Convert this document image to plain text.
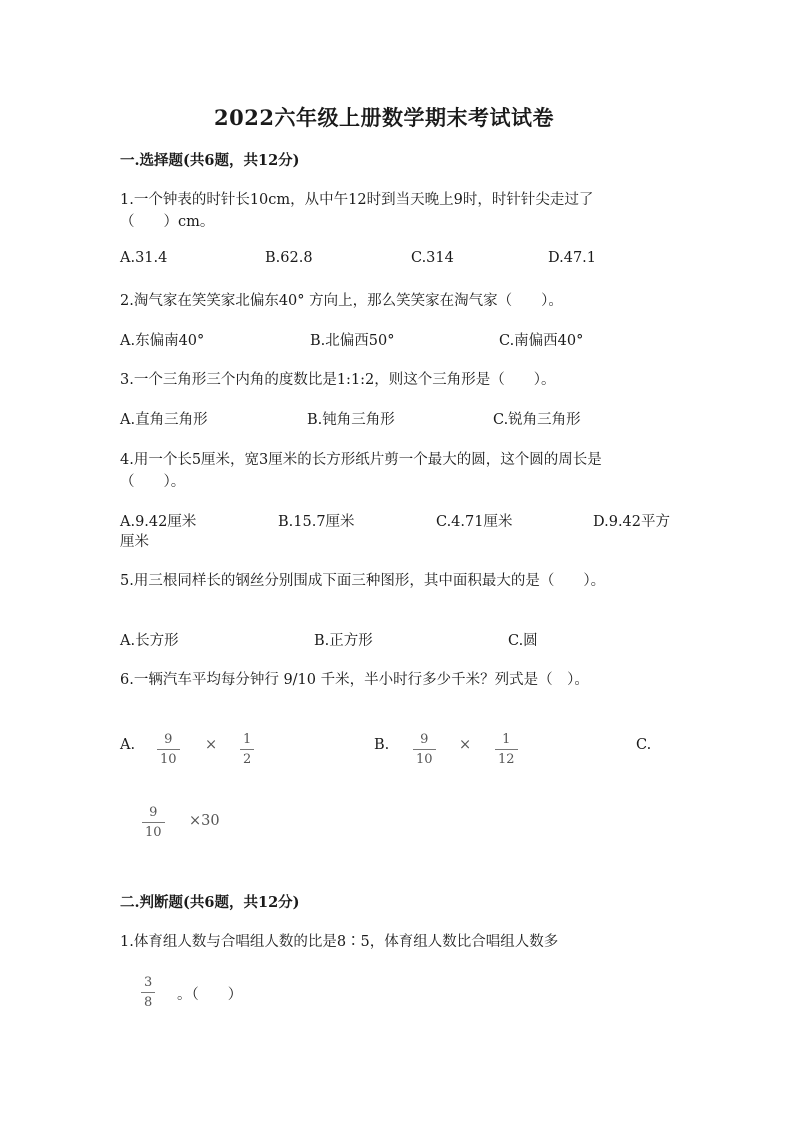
2022六年级上册数学期末考试试卷
一.选择题(共6题，共12分)
1.一个钟表的时针长10cm，从中午12时到当天晚上9时，时针针尖走过了
（　　）cm。
A.31.4	B.62.8	C.314	D.47.1
2.淘气家在笑笑家北偏东40° 方向上，那么笑笑家在淘气家（　　）。
A.东偏南40°	B.北偏西50°	C.南偏西40°
3.一个三角形三个内角的度数比是1:1:2，则这个三角形是（　　）。
A.直角三角形	B.钝角三角形	C.锐角三角形
4.用一个长5厘米，宽3厘米的长方形纸片剪一个最大的圆，这个圆的周长是
（　　）。
A.9.42厘米	B.15.7厘米	C.4.71厘米	D.9.42平方
厘米
5.用三根同样长的钢丝分别围成下面三种图形，其中面积最大的是（　　）。
A.长方形	B.正方形	C.圆
6.一辆汽车平均每分钟行 9/10 千米，半小时行多少千米？列式是（　）。
A. 9
10
× 1
2
B. 9
10
× 1
12
C.
9
10
×30
二.判断题(共6题，共12分)
1.体育组人数与合唱组人数的比是8∶5，体育组人数比合唱组人数多
3
8 。（　　）
